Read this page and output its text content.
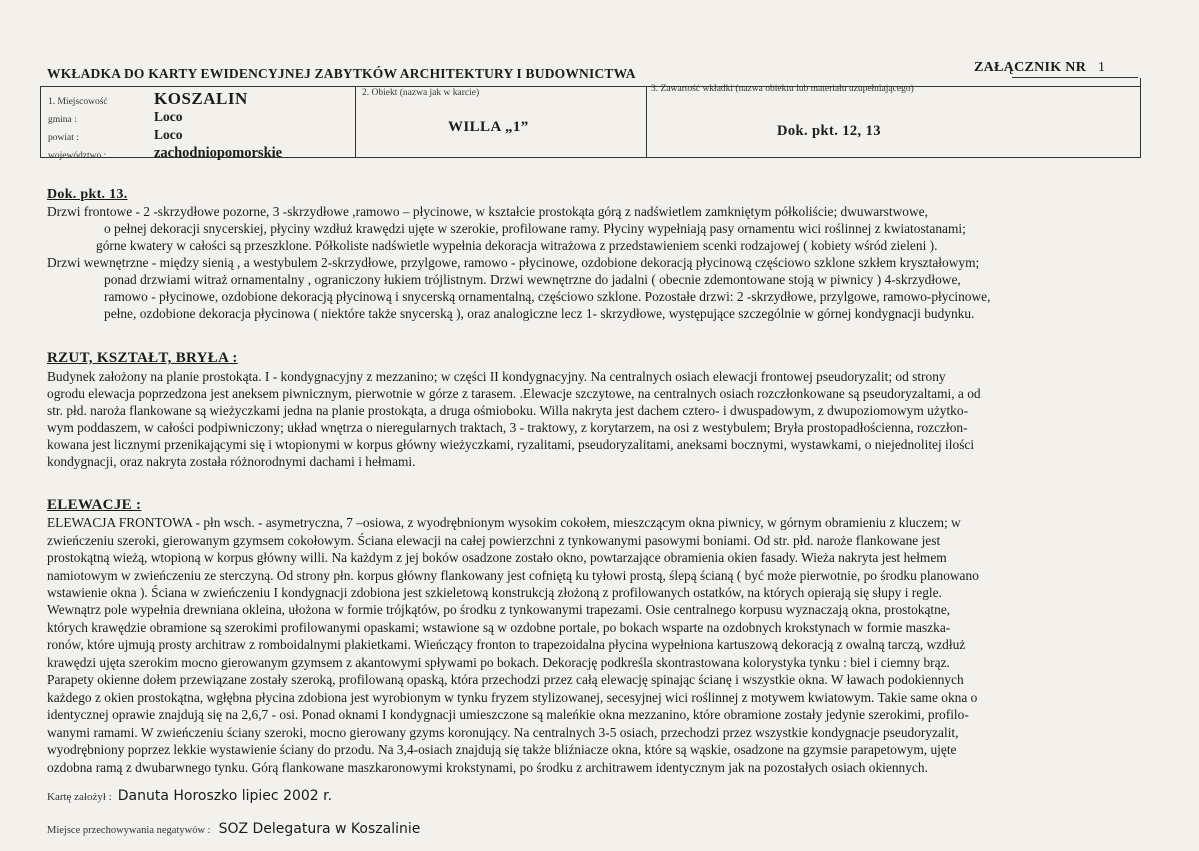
WKŁADKA DO KARTY EWIDENCYJNEJ ZABYTKÓW ARCHITEKTURY I BUDOWNICTWA	ZAŁĄCZNIK NR 1
1. Miejscowość	KOSZALIN
gmina :	Loco
powiat :	Loco
województwo :	zachodniopomorskie
2. Obiekt (nazwa jak w karcie)
WILLA „1”
3. Zawartość wkładki (nazwa obiektu lub materiału uzupełniającego)
Dok. pkt. 12, 13
Dok. pkt. 13.
Drzwi frontowe - 2 -skrzydłowe pozorne, 3 -skrzydłowe ,ramowo – płycinowe, w kształcie prostokąta górą z nadświetlem zamkniętym półkoliście; dwuwarstwowe,
o pełnej dekoracji snycerskiej, płyciny wzdłuż krawędzi ujęte w szerokie, profilowane ramy. Płyciny wypełniają pasy ornamentu wici roślinnej z kwiatostanami;
górne kwatery w całości są przeszklone. Półkoliste nadświetle wypełnia dekoracja witrażowa z przedstawieniem scenki rodzajowej ( kobiety wśród zieleni ).
Drzwi wewnętrzne - między sienią , a westybulem 2-skrzydłowe, przylgowe, ramowo - płycinowe, ozdobione dekoracją płycinową częściowo szklone szkłem kryształowym;
ponad drzwiami witraż ornamentalny , ograniczony łukiem trójlistnym. Drzwi wewnętrzne do jadalni ( obecnie zdemontowane stoją w piwnicy ) 4-skrzydłowe,
ramowo - płycinowe, ozdobione dekoracją płycinową i snycerską ornamentalną, częściowo szklone. Pozostałe drzwi: 2 -skrzydłowe, przylgowe, ramowo-płycinowe,
pełne, ozdobione dekoracja płycinowa ( niektóre także snycerską ), oraz analogiczne lecz 1- skrzydłowe, występujące szczególnie w górnej kondygnacji budynku.
RZUT, KSZTAŁT, BRYŁA :
Budynek założony na planie prostokąta. I - kondygnacyjny z mezzanino; w części II kondygnacyjny. Na centralnych osiach elewacji frontowej pseudoryzalit; od strony
ogrodu elewacja poprzedzona jest aneksem piwnicznym, pierwotnie w górze z tarasem. .Elewacje szczytowe, na centralnych osiach rozczłonkowane są pseudoryzaltami, a od
str. płd. naroża flankowane są wieżyczkami jedna na planie prostokąta, a druga ośmioboku. Willa nakryta jest dachem cztero- i dwuspadowym, z dwupoziomowym użytko-
wym poddaszem, w całości podpiwniczony; układ wnętrza o nieregularnych traktach, 3 - traktowy, z korytarzem, na osi z westybulem; Bryła prostopadłościenna, rozczłon-
kowana jest licznymi przenikającymi się i wtopionymi w korpus główny wieżyczkami, ryzalitami, pseudoryzalitami, aneksami bocznymi, wystawkami, o niejednolitej ilości
kondygnacji, oraz nakryta została różnorodnymi dachami i hełmami.
ELEWACJE :
ELEWACJA FRONTOWA - płn wsch. - asymetryczna, 7 –osiowa, z wyodrębnionym wysokim cokołem, mieszczącym okna piwnicy, w górnym obramieniu z kluczem; w
zwieńczeniu szeroki, gierowanym gzymsem cokołowym. Ściana elewacji na całej powierzchni z tynkowanymi pasowymi boniami. Od str. płd. naroże flankowane jest
prostokątną wieżą, wtopioną w korpus główny willi. Na każdym z jej boków osadzone zostało okno, powtarzające obramienia okien fasady. Wieża nakryta jest hełmem
namiotowym w zwieńczeniu ze sterczyną. Od strony płn. korpus główny flankowany jest cofniętą ku tyłowi prostą, ślepą ścianą ( być może pierwotnie, po środku planowano
wstawienie okna ). Ściana w zwieńczeniu I kondygnacji zdobiona jest szkieletową konstrukcją złożoną z profilowanych ostatków, na których opierają się słupy i regle.
Wewnątrz pole wypełnia drewniana okleina, ułożona w formie trójkątów, po środku z tynkowanymi trapezami. Osie centralnego korpusu wyznaczają okna, prostokątne,
których krawędzie obramione są szerokimi profilowanymi opaskami; wstawione są w ozdobne portale, po bokach wsparte na ozdobnych krokstynach w formie maszka-
ronów, które ujmują prosty architraw z romboidalnymi plakietkami. Wieńczący fronton to trapezoidalna płycina wypełniona kartuszową dekoracją z owalną tarczą, wzdłuż
krawędzi ujęta szerokim mocno gierowanym gzymsem z akantowymi spływami po bokach. Dekorację podkreśla skontrastowana kolorystyka tynku : biel i ciemny brąz.
Parapety okienne dołem przewiązane zostały szeroką, profilowaną opaską, która przechodzi przez całą elewację spinając ścianę i wszystkie okna. W ławach podokiennych
każdego z okien prostokątna, wgłębna płycina zdobiona jest wyrobionym w tynku fryzem stylizowanej, secesyjnej wici roślinnej z motywem kwiatowym. Takie same okna o
identycznej oprawie znajdują się na 2,6,7 - osi. Ponad oknami I kondygnacji umieszczone są maleńkie okna mezzanino, które obramione zostały jedynie szerokimi, profilo-
wanymi ramami. W zwieńczeniu ściany szeroki, mocno gierowany gzyms koronujący. Na centralnych 3-5 osiach, przechodzi przez wszystkie kondygnacje pseudoryzalit,
wyodrębniony poprzez lekkie wystawienie ściany do przodu. Na 3,4-osiach znajdują się także bliźniacze okna, które są wąskie, osadzone na gzymsie parapetowym, ujęte
ozdobna ramą z dwubarwnego tynku. Górą flankowane maszkaronowymi krokstynami, po środku z architrawem identycznym jak na pozostałych osiach okiennych.
Kartę założył : Danuta Horoszko lipiec 2002 r.
Miejsce przechowywania negatywów : SOZ Delegatura w Koszalinie
